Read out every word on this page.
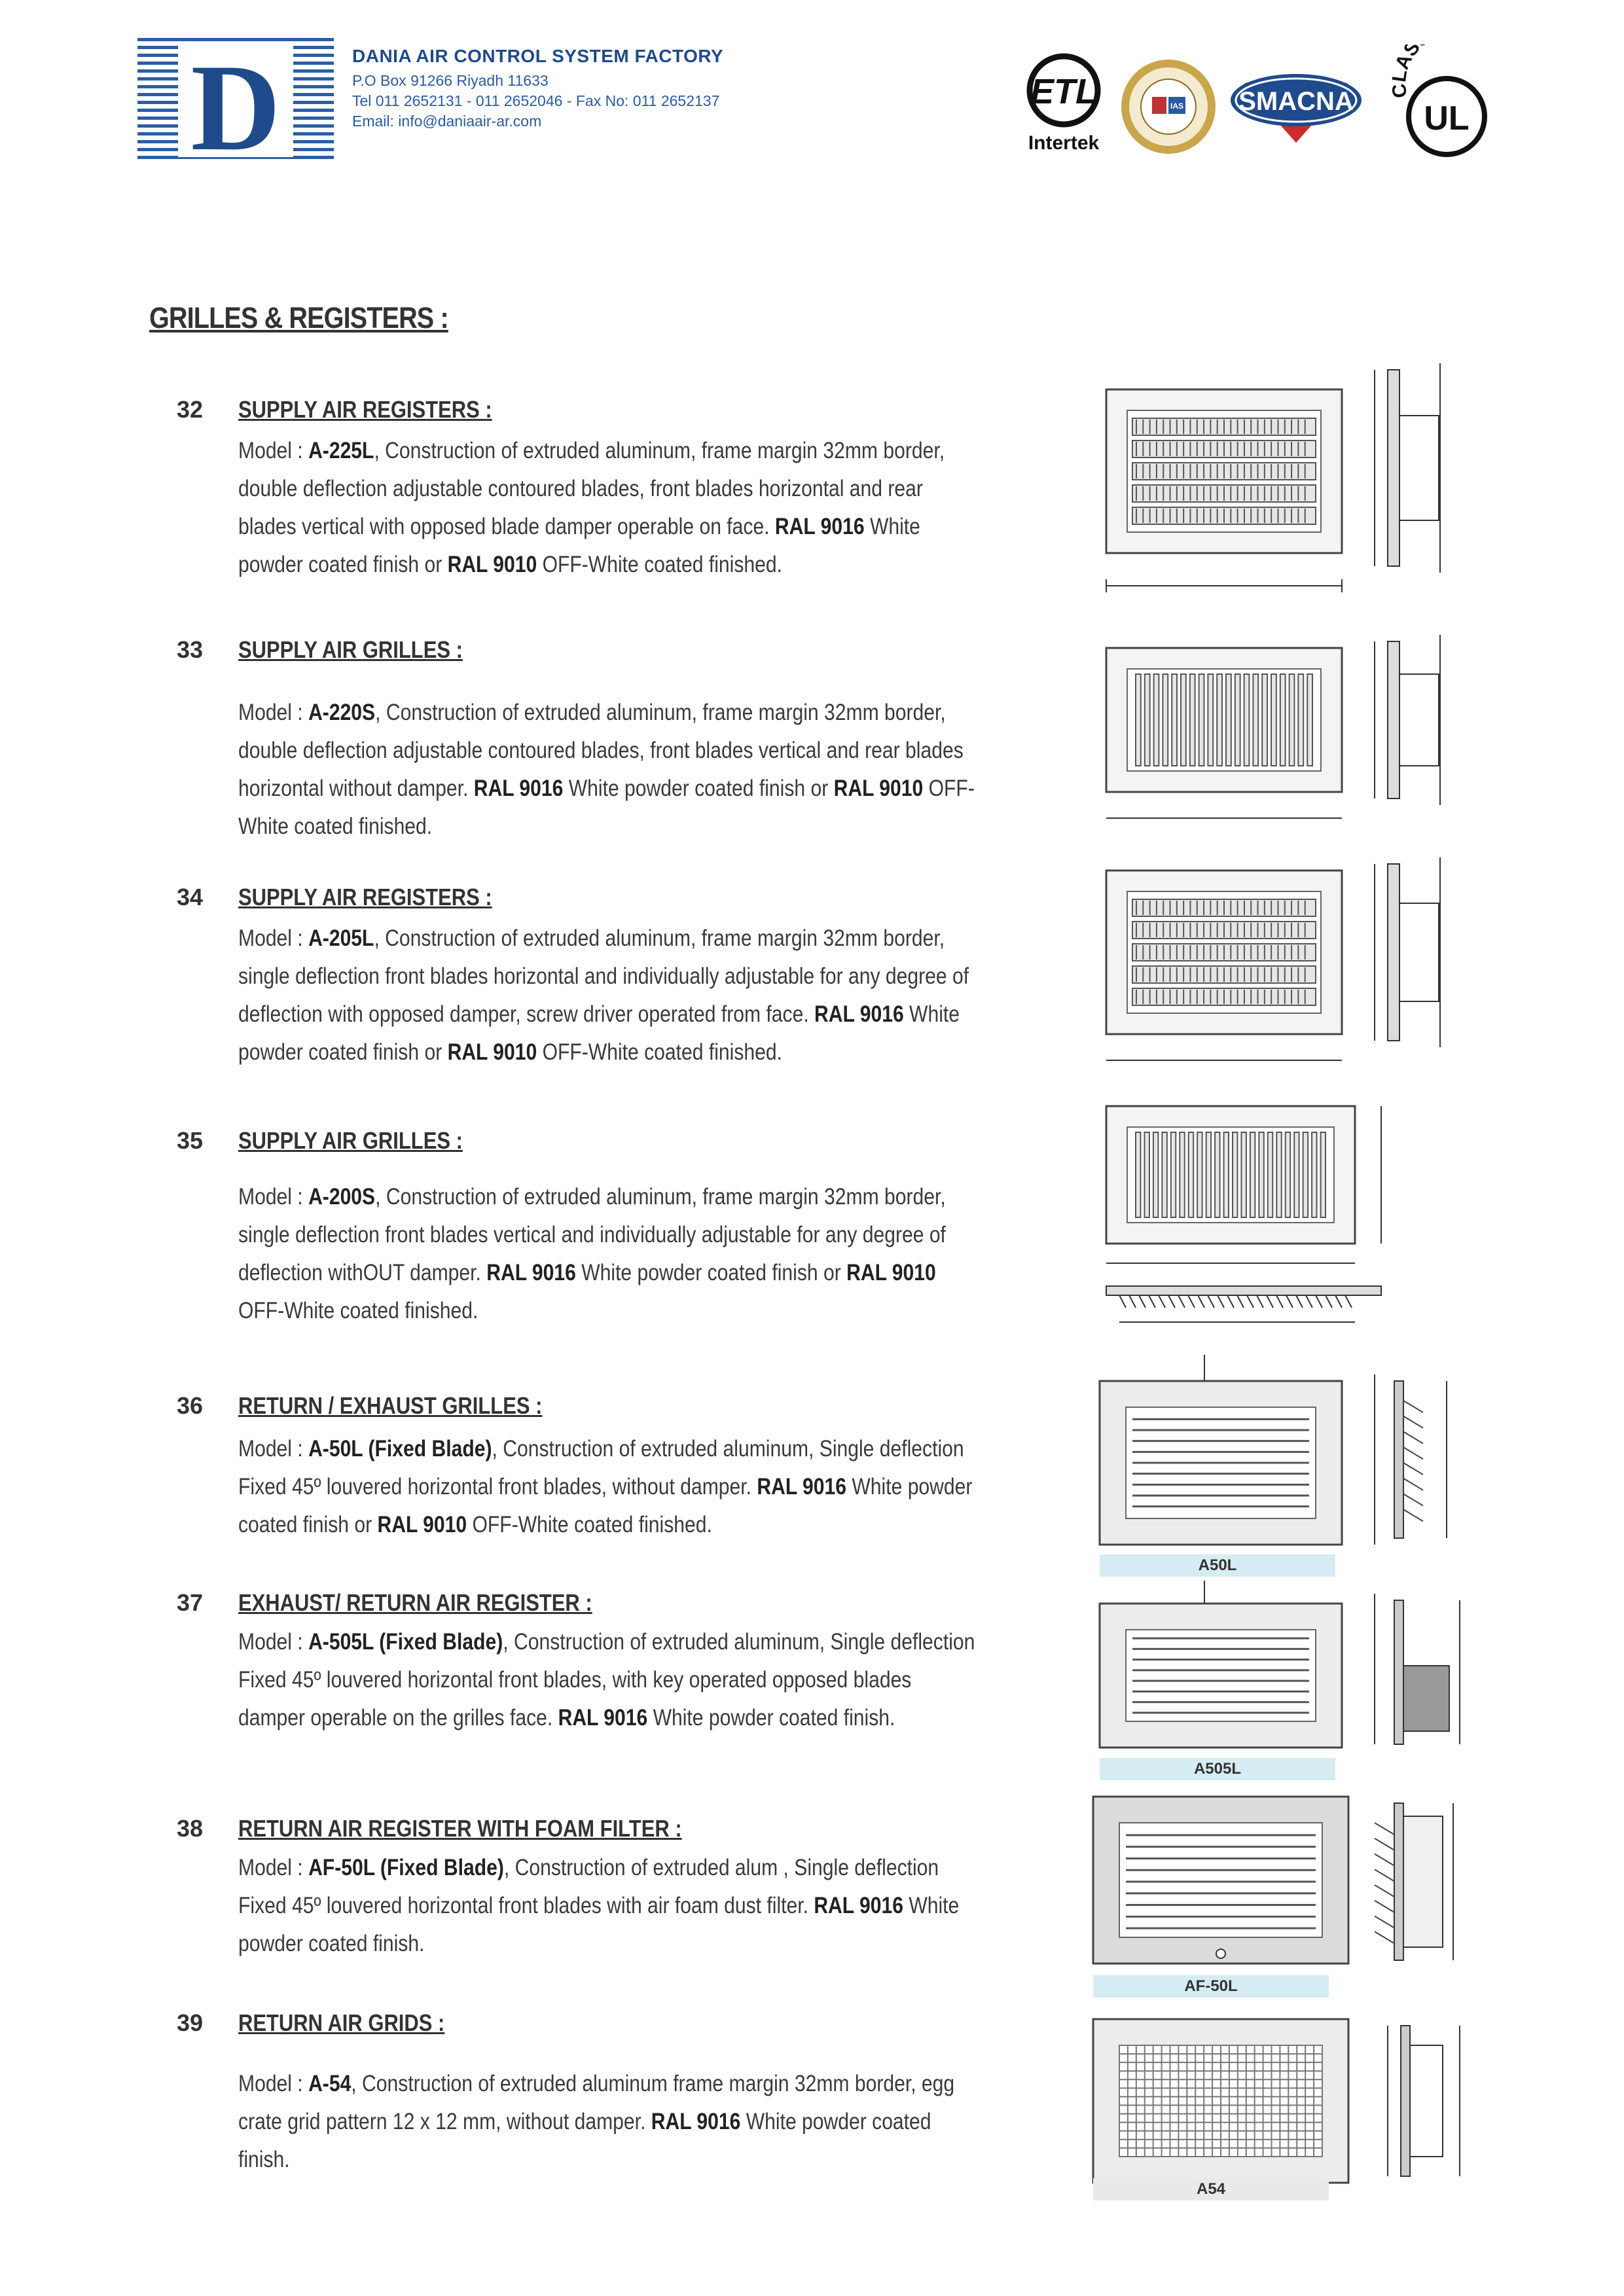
D	DANIA AIR CONTROL SYSTEM FACTORY
P.O Box 91266 Riyadh 11633
Tel 011 2652131 - 011 2652046 - Fax No: 011 2652137
Email: info@daniaair-ar.com
ETL
Intertek
IAS SMACNA UL
CLAS
GRILLES & REGISTERS :
32 SUPPLY AIR REGISTERS :
Model : A-225L, Construction of extruded aluminum, frame margin 32mm border, double deflection adjustable contoured blades, front blades horizontal and rear blades vertical with opposed blade damper operable on face. RAL 9016 White powder coated finish or RAL 9010 OFF-White coated finished.
33 SUPPLY AIR GRILLES :
Model : A-220S, Construction of extruded aluminum, frame margin 32mm border, double deflection adjustable contoured blades, front blades vertical and rear blades horizontal without damper. RAL 9016 White powder coated finish or RAL 9010 OFF-White coated finished.
34 SUPPLY AIR REGISTERS :
Model : A-205L, Construction of extruded aluminum, frame margin 32mm border, single deflection front blades horizontal and individually adjustable for any degree of deflection with opposed damper, screw driver operated from face. RAL 9016 White powder coated finish or RAL 9010 OFF-White coated finished.
35 SUPPLY AIR GRILLES :
Model : A-200S, Construction of extruded aluminum, frame margin 32mm border, single deflection front blades vertical and individually adjustable for any degree of deflection withOUT damper. RAL 9016 White powder coated finish or RAL 9010 OFF-White coated finished.
36 RETURN / EXHAUST GRILLES :
Model : A-50L (Fixed Blade), Construction of extruded aluminum, Single deflection Fixed 45º louvered horizontal front blades, without damper. RAL 9016 White powder coated finish or RAL 9010 OFF-White coated finished.
37 EXHAUST/ RETURN AIR REGISTER :
Model : A-505L (Fixed Blade), Construction of extruded aluminum, Single deflection Fixed 45º louvered horizontal front blades, with key operated opposed blades damper operable on the grilles face. RAL 9016 White powder coated finish.
38 RETURN AIR REGISTER WITH FOAM FILTER :
Model : AF-50L (Fixed Blade), Construction of extruded alum , Single deflection Fixed 45º louvered horizontal front blades with air foam dust filter. RAL 9016 White powder coated finish.
39 RETURN AIR GRIDS :
Model : A-54, Construction of extruded aluminum frame margin 32mm border, egg crate grid pattern 12 x 12 mm, without damper. RAL 9016 White powder coated finish.
A50L
A505L
AF-50L
A54
